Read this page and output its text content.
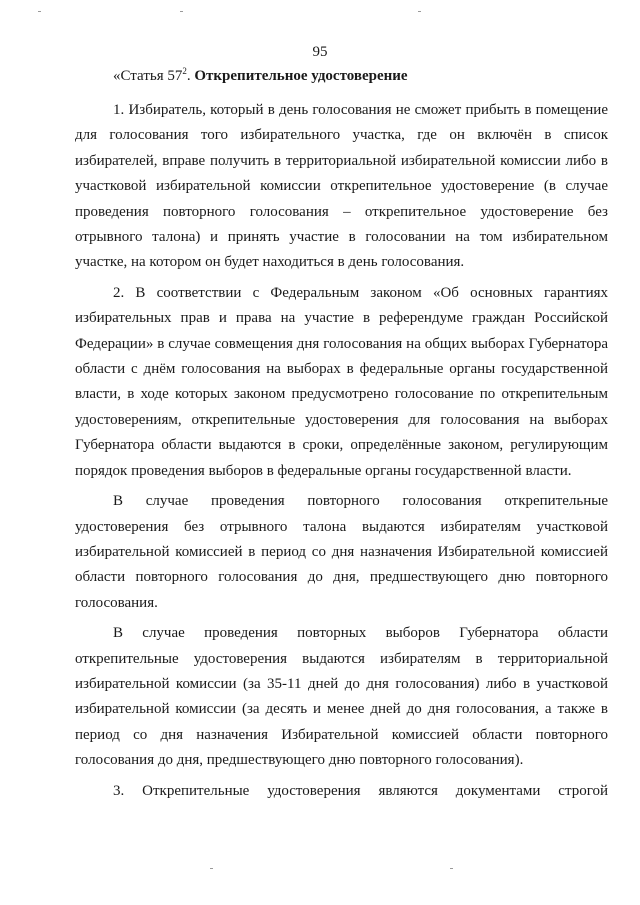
95
«Статья $57^2$. Открепительное удостоверение

1. Избиратель, который в день голосования не сможет прибыть в помещение для голосования того избирательного участка, где он включён в список избирателей, вправе получить в территориальной избирательной комиссии либо в участковой избирательной комиссии открепительное удостоверение (в случае проведения повторного голосования – открепительное удостоверение без отрывного талона) и принять участие в голосовании на том избирательном участке, на котором он будет находиться в день голосования.

2. В соответствии с Федеральным законом «Об основных гарантиях избирательных прав и права на участие в референдуме граждан Российской Федерации» в случае совмещения дня голосования на общих выборах Губернатора области с днём голосования на выборах в федеральные органы государственной власти, в ходе которых законом предусмотрено голосование по открепительным удостоверениям, открепительные удостоверения для голосования на выборах Губернатора области выдаются в сроки, определённые законом, регулирующим порядок проведения выборов в федеральные органы государственной власти.

В случае проведения повторного голосования открепительные удостоверения без отрывного талона выдаются избирателям участковой избирательной комиссией в период со дня назначения Избирательной комиссией области повторного голосования до дня, предшествующего дню повторного голосования.

В случае проведения повторных выборов Губернатора области открепительные удостоверения выдаются избирателям в территориальной избирательной комиссии (за 35-11 дней до дня голосования) либо в участковой избирательной комиссии (за десять и менее дней до дня голосования, а также в период со дня назначения Избирательной комиссией области повторного голосования до дня, предшествующего дню повторного голосования).

3. Открепительные удостоверения являются документами строгой
